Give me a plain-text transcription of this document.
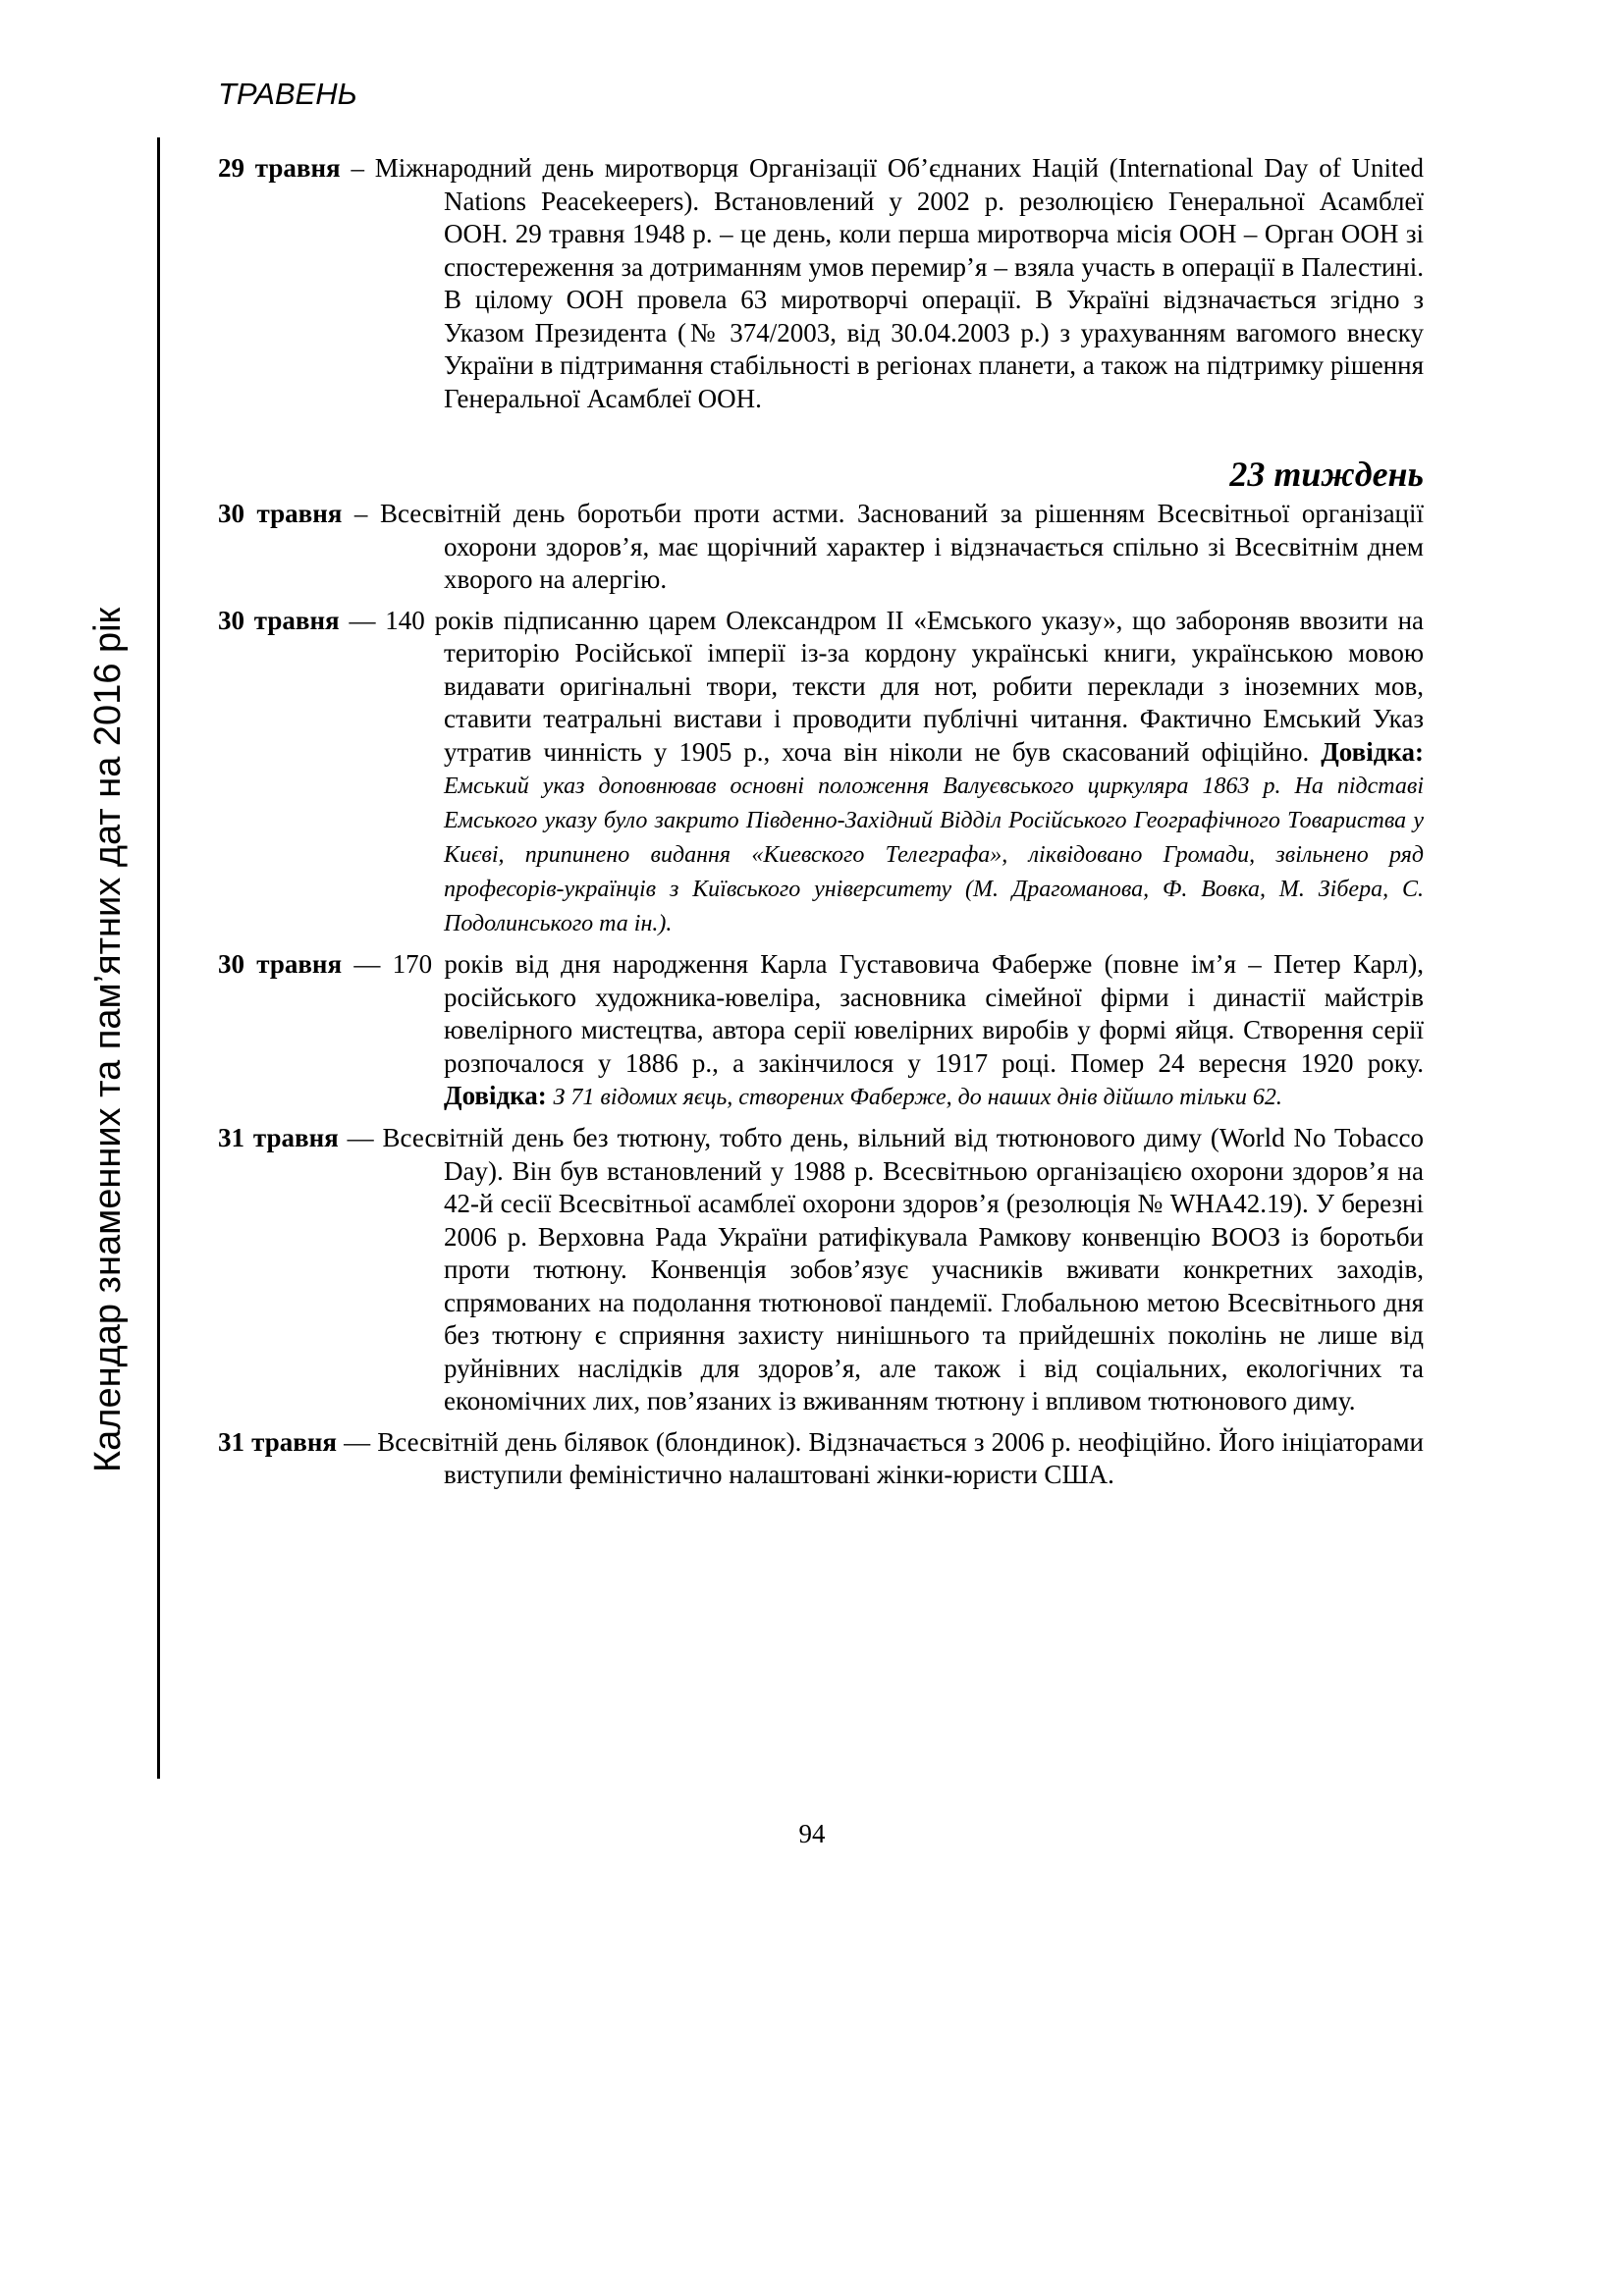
ТРАВЕНЬ
Календар знаменних та пам’ятних дат на 2016 рік

29 травня – Міжнародний день миротворця Організації Об’єднаних Націй (International Day of United Nations Peacekeepers). Встановлений у 2002 р. резолюцією Генеральної Асамблеї ООН. 29 травня 1948 р. – це день, коли перша миротворча місія ООН – Орган ООН зі спостереження за дотриманням умов перемир’я – взяла участь в операції в Палестині. В цілому ООН провела 63 миротворчі операції. В Україні відзначається згідно з Указом Президента (№ 374/2003, від 30.04.2003 р.) з урахуванням вагомого внеску України в підтримання стабільності в регіонах планети, а також на підтримку рішення Генеральної Асамблеї ООН.

23 тиждень

30 травня – Всесвітній день боротьби проти астми. Заснований за рішенням Всесвітньої організації охорони здоров’я, має щорічний характер і відзначається спільно зі Всесвітнім днем хворого на алергію.

30 травня — 140 років підписанню царем Олександром II «Емського указу», що забороняв ввозити на територію Російської імперії із-за кордону українські книги, українською мовою видавати оригінальні твори, тексти для нот, робити переклади з іноземних мов, ставити театральні вистави і проводити публічні читання. Фактично Емський Указ утратив чинність у 1905 р., хоча він ніколи не був скасований офіційно. Довідка: Емський указ доповнював основні положення Валуєвського циркуляра 1863 р. На підставі Емського указу було закрито Південно-Західний Відділ Російського Географічного Товариства у Києві, припинено видання «Киевского Телеграфа», ліквідовано Громади, звільнено ряд професорів-українців з Київського університету (М. Драгоманова, Ф. Вовка, М. Зібера, С. Подолинського та ін.).

30 травня — 170 років від дня народження Карла Густавовича Фаберже (повне ім’я – Петер Карл), російського художника-ювеліра, засновника сімейної фірми і династії майстрів ювелірного мистецтва, автора серії ювелірних виробів у формі яйця. Створення серії розпочалося у 1886 р., а закінчилося у 1917 році. Помер 24 вересня 1920 року. Довідка: З 71 відомих яєць, створених Фаберже, до наших днів дійшло тільки 62.

31 травня — Всесвітній день без тютюну, тобто день, вільний від тютюнового диму (World No Tobacco Day). Він був встановлений у 1988 р. Всесвітньою організацією охорони здоров’я на 42-й сесії Всесвітньої асамблеї охорони здоров’я (резолюція № WHA42.19). У березні 2006 р. Верховна Рада України ратифікувала Рамкову конвенцію ВООЗ із боротьби проти тютюну. Конвенція зобов’язує учасників вживати конкретних заходів, спрямованих на подолання тютюнової пандемії. Глобальною метою Всесвітнього дня без тютюну є сприяння захисту нинішнього та прийдешніх поколінь не лише від руйнівних наслідків для здоров’я, але також і від соціальних, екологічних та економічних лих, пов’язаних із вживанням тютюну і впливом тютюнового диму.

31 травня — Всесвітній день білявок (блондинок). Відзначається з 2006 р. неофіційно. Його ініціаторами виступили феміністично налаштовані жінки-юристи США.

94
